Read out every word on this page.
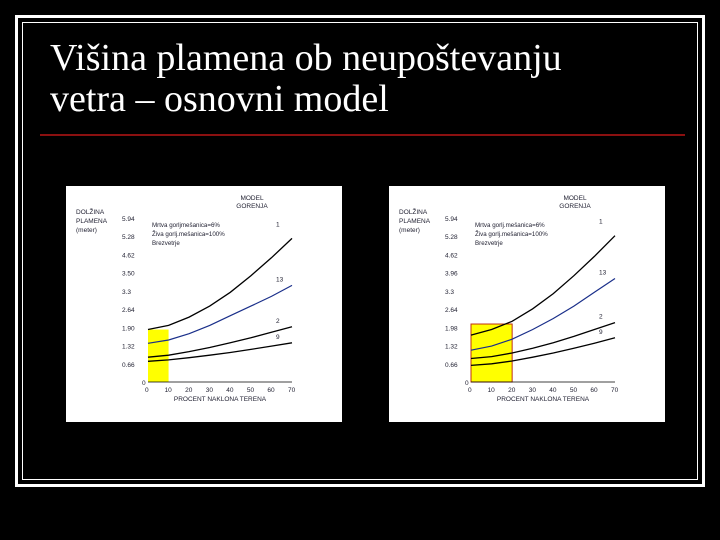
Višina plamena ob neupoštevanju
vetra – osnovni model
DOLŽINA
PLAMENA
(meter)
0
0.66
1.32
1.90
2.64
3.3
3.50
4.62
5.28
5.94
10 20 30 40 50 60 70
0
PROCENT NAKLONA TERENA
MODEL
GORENJA
Mrtva gorljmešanica=6%
Živa gorlj.mešanica=100%
Brezvetrje
1
13
2
9
DOLŽINA
PLAMENA
(meter)
0
0.66
1.32
1.98
2.64
3.3
3.96
4.62
5.28
5.94
10 20 30 40 50 60 70
0
PROCENT NAKLONA TERENA
MODEL
GORENJA
Mrtva gorlj.mešanica=6%
Živa gorlj.mešanica=100%
Brezvetrje
1
13
2
9
